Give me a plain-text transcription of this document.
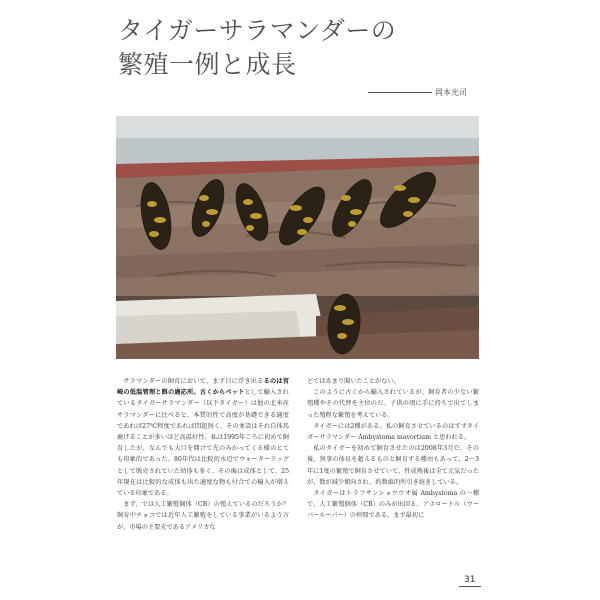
タイガーサラマンダーの
繁殖一例と成長
岡本光司

サラマンダーの飼育において、まず目に浮き出るるのは宮崎の低温管理と餌の適応所。古くからペットとして輸入されているタイガーサラマンダー（以下タイガー）は他の北米産サラマンダーに比べると、本質的性で高度が基礎できる適度であれば27℃程度であれば問題無く、その並設はそれ自体馬鹿げることが多いほど高温好性。私は1995年ころに初めて飼育したが、なんでも大口を開けて光のみかってくる様のとても印象的であった。80年代は比較的水辺でウォータードッグとして販売されていた幼体も多く、その後は成体として、25年現在は比較的な成体も出た適度な物も付合での輸入が増えている印象である。

まず、では人工繁殖個体（CB）の殖えているのだろうか？　飼育中チョコでは近年人工繁殖をしている事業がいるよう方が、市場の主要光であるアメリカな

どではあまり聞いたことがない。

このように古くから輸入されているが、飼育者の少ない繁殖種やその代替を主位のだ。子供の頃に手に持ちで出てしまった殖程な繁殖を考えている。

タイガーには2種がある。私の飼育させているのはすずタイガーサラマンダー Ambystoma mavortium と思われる。

私のタイガーを初めて飼育させたのは2008年3月だ。その後、無事の体長を超えるものと飼育する種由もあって、2～3年に1度の繁殖で飼育させていて、性成熟後は全て元気だったが、数が減少傾向され、約数値的所引き続きしている。

タイガーはトラフサンショウウオ属 Ambystoma の一種で、人工繁殖個体（CB）のみが出回る。アホロートル（ウーパールーパー）の仲間である。まず最初に

31
